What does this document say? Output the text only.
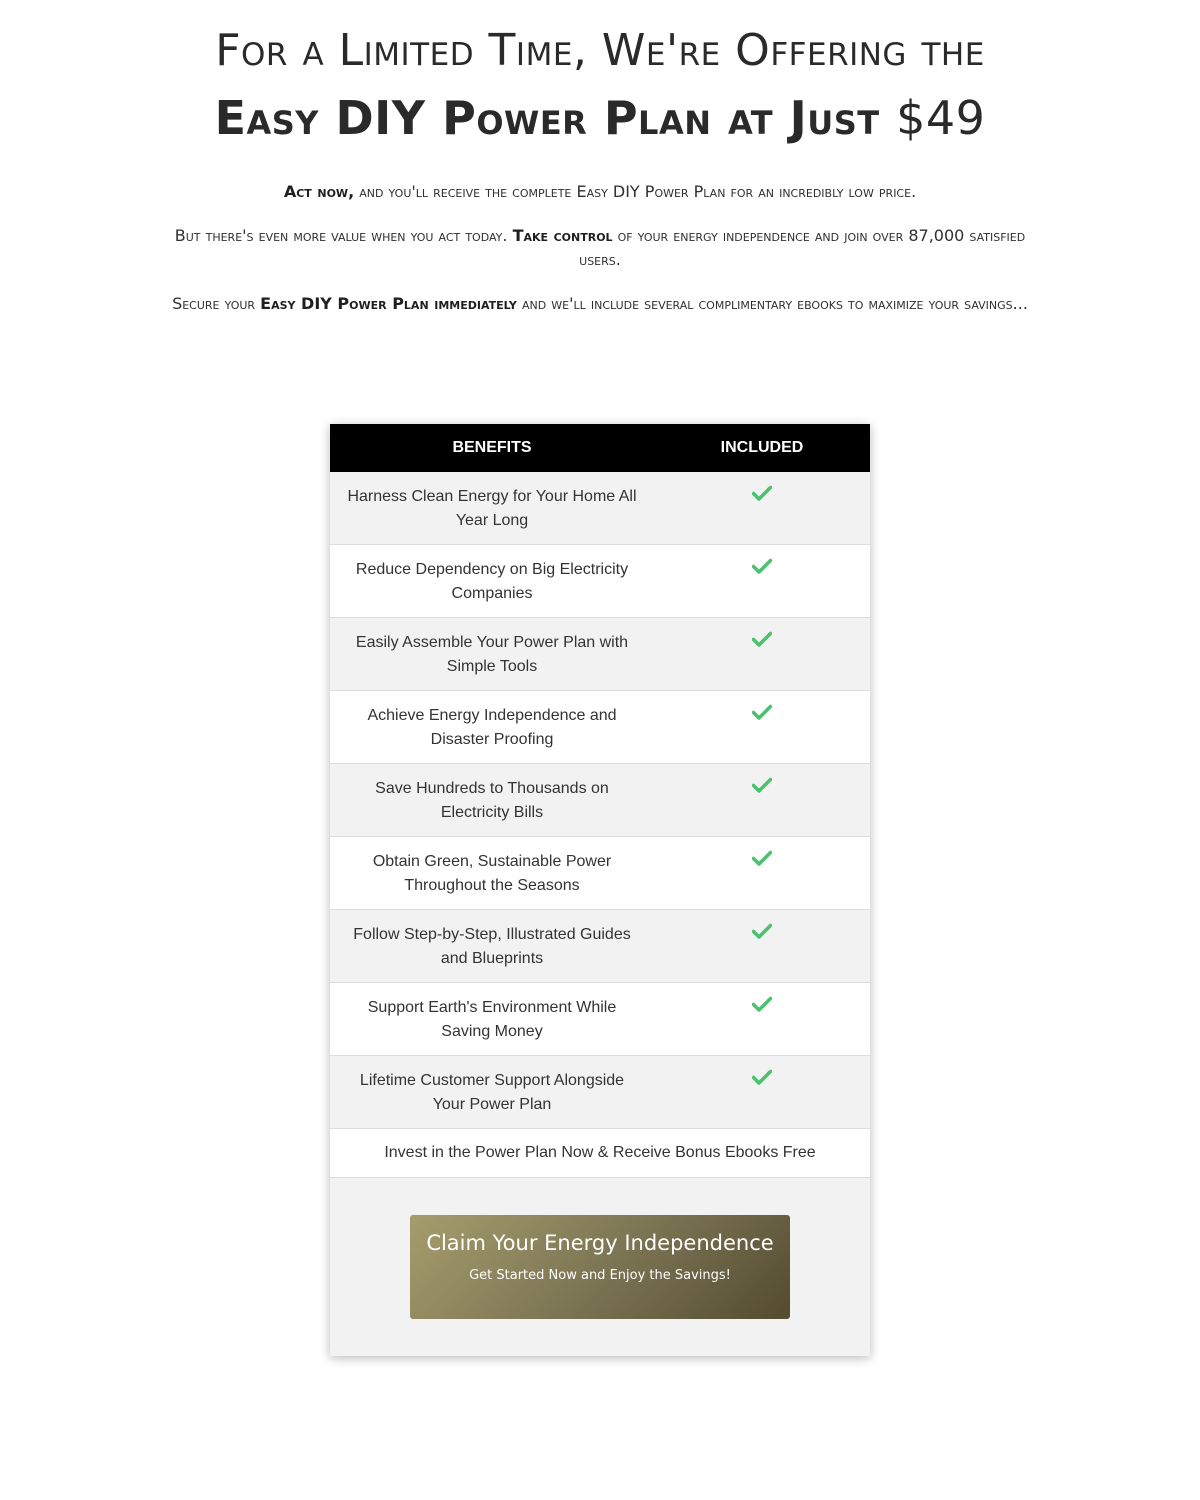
For a Limited Time, We're Offering the
Easy DIY Power Plan at Just $49

Act now, and you'll receive the complete Easy DIY Power Plan for an incredibly low price.

But there's even more value when you act today. Take control of your energy independence and join over 87,000 satisfied users.

Secure your Easy DIY Power Plan immediately and we'll include several complimentary ebooks to maximize your savings...

BENEFITS	INCLUDED
Harness Clean Energy for Your Home All Year Long
Reduce Dependency on Big Electricity Companies
Easily Assemble Your Power Plan with Simple Tools
Achieve Energy Independence and Disaster Proofing
Save Hundreds to Thousands on Electricity Bills
Obtain Green, Sustainable Power Throughout the Seasons
Follow Step-by-Step, Illustrated Guides and Blueprints
Support Earth's Environment While Saving Money
Lifetime Customer Support Alongside Your Power Plan
Invest in the Power Plan Now & Receive Bonus Ebooks Free
Claim Your Energy Independence
Get Started Now and Enjoy the Savings!
